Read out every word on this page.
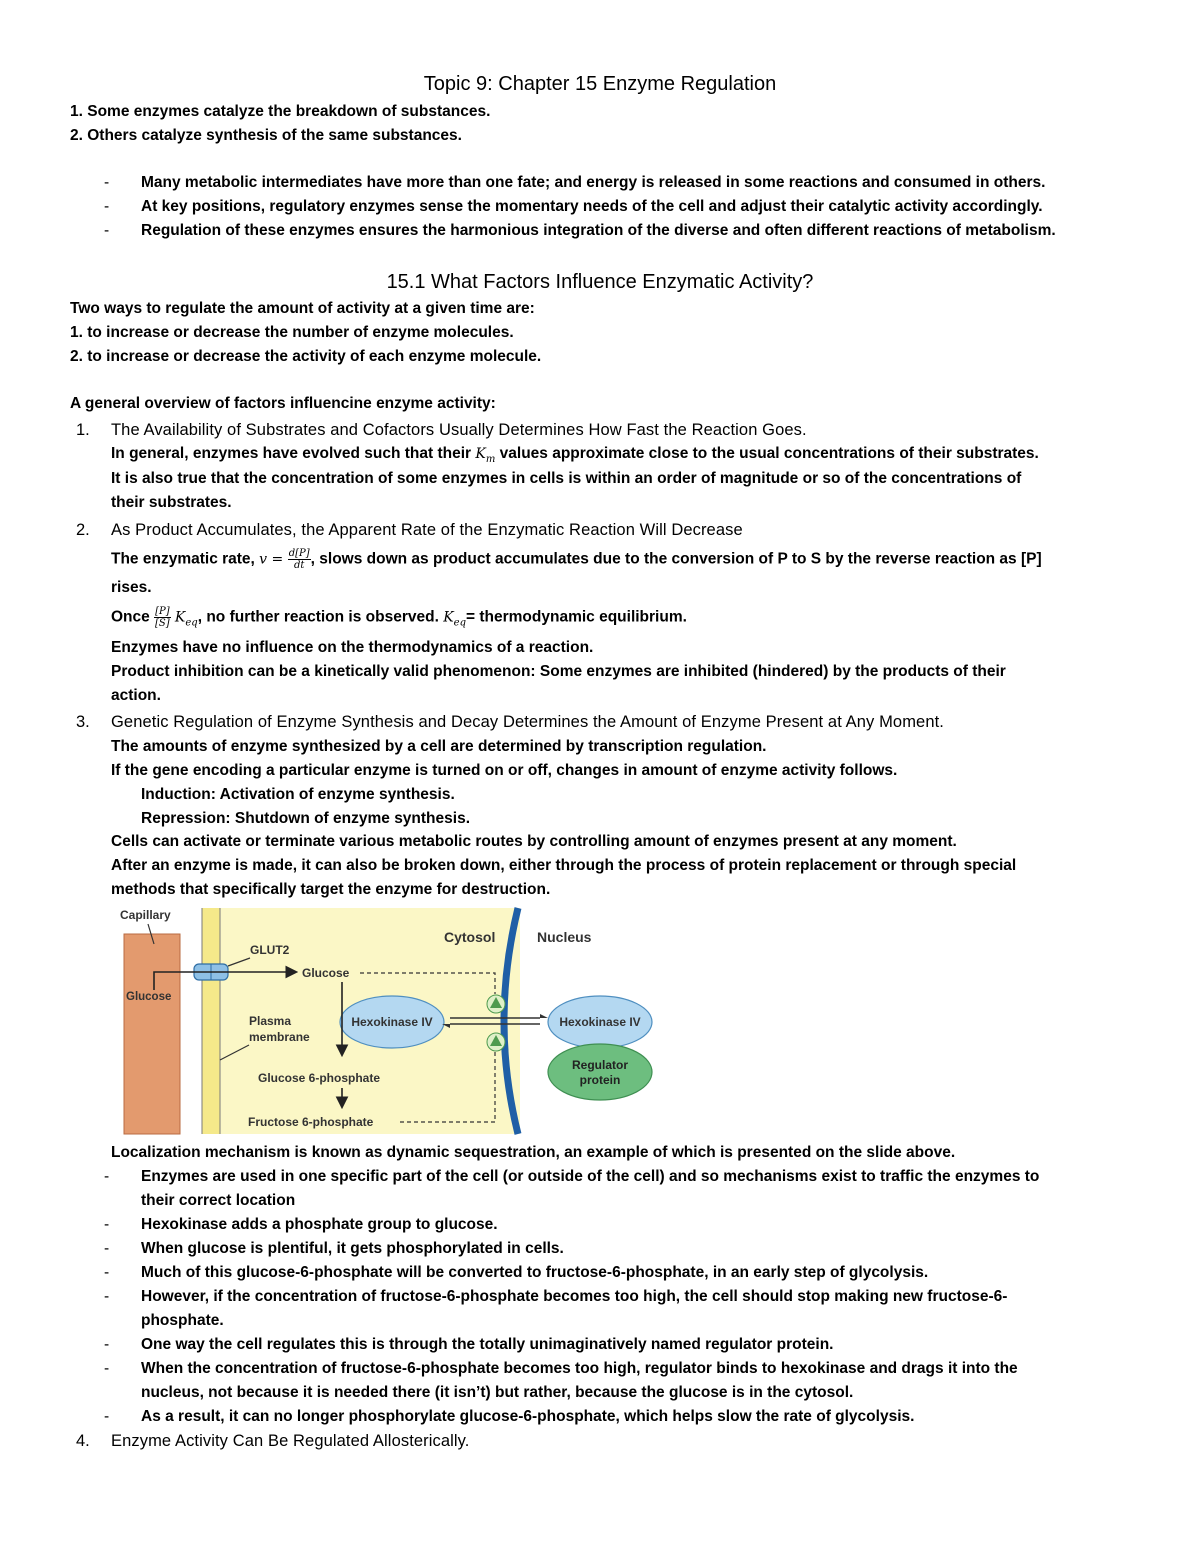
Topic 9: Chapter 15 Enzyme Regulation
1. Some enzymes catalyze the breakdown of substances.
2. Others catalyze synthesis of the same substances.
- Many metabolic intermediates have more than one fate; and energy is released in some reactions and consumed in others.
- At key positions, regulatory enzymes sense the momentary needs of the cell and adjust their catalytic activity accordingly.
- Regulation of these enzymes ensures the harmonious integration of the diverse and often different reactions of metabolism.
15.1 What Factors Influence Enzymatic Activity?
Two ways to regulate the amount of activity at a given time are:
1. to increase or decrease the number of enzyme molecules.
2. to increase or decrease the activity of each enzyme molecule.
A general overview of factors influencine enzyme activity:
1. The Availability of Substrates and Cofactors Usually Determines How Fast the Reaction Goes.
In general, enzymes have evolved such that their $K_m$ values approximate close to the usual concentrations of their substrates.
It is also true that the concentration of some enzymes in cells is within an order of magnitude or so of the concentrations of
their substrates.
2. As Product Accumulates, the Apparent Rate of the Enzymatic Reaction Will Decrease
The enzymatic rate, $v = \frac{d[P]}{dt}$ , slows down as product accumulates due to the conversion of P to S by the reverse reaction as [P]
rises.
Once $\frac{[P]}{[S]} K_{eq}$, no further reaction is observed. $K_{eq}=$ thermodynamic equilibrium.
Enzymes have no influence on the thermodynamics of a reaction.
Product inhibition can be a kinetically valid phenomenon: Some enzymes are inhibited (hindered) by the products of their
action.
3. Genetic Regulation of Enzyme Synthesis and Decay Determines the Amount of Enzyme Present at Any Moment.
The amounts of enzyme synthesized by a cell are determined by transcription regulation.
If the gene encoding a particular enzyme is turned on or off, changes in amount of enzyme activity follows.
Induction: Activation of enzyme synthesis.
Repression: Shutdown of enzyme synthesis.
Cells can activate or terminate various metabolic routes by controlling amount of enzymes present at any moment.
After an enzyme is made, it can also be broken down, either through the process of protein replacement or through special
methods that specifically target the enzyme for destruction.
Capillary
Glucose
GLUT2
Glucose
Cytosol	Nucleus
Plasma
membrane
Hexokinase IV	Hexokinase IV
Regulator
protein
Glucose 6-phosphate
Fructose 6-phosphate
Localization mechanism is known as dynamic sequestration, an example of which is presented on the slide above.
- Enzymes are used in one specific part of the cell (or outside of the cell) and so mechanisms exist to traffic the enzymes to
their correct location
- Hexokinase adds a phosphate group to glucose.
- When glucose is plentiful, it gets phosphorylated in cells.
- Much of this glucose-6-phosphate will be converted to fructose-6-phosphate, in an early step of glycolysis.
- However, if the concentration of fructose-6-phosphate becomes too high, the cell should stop making new fructose-6-
phosphate.
- One way the cell regulates this is through the totally unimaginatively named regulator protein.
- When the concentration of fructose-6-phosphate becomes too high, regulator binds to hexokinase and drags it into the
nucleus, not because it is needed there (it isn’t) but rather, because the glucose is in the cytosol.
- As a result, it can no longer phosphorylate glucose-6-phosphate, which helps slow the rate of glycolysis.
4. Enzyme Activity Can Be Regulated Allosterically.
